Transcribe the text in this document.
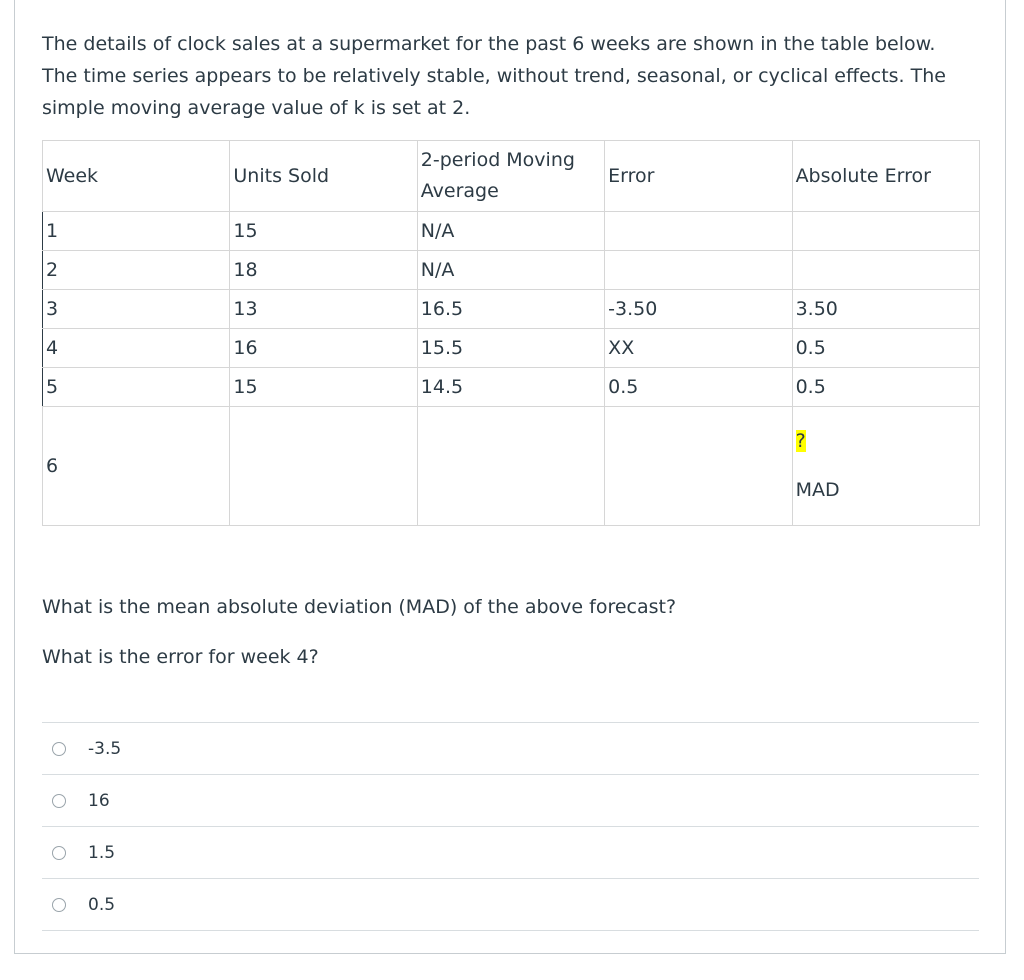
The details of clock sales at a supermarket for the past 6 weeks are shown in the table below. The time series appears to be relatively stable, without trend, seasonal, or cyclical effects. The simple moving average value of k is set at 2.

Week	Units Sold	2-period Moving Average	Error	Absolute Error
1	15	N/A		
2	18	N/A		
3	13	16.5	-3.50	3.50
4	16	15.5	XX	0.5
5	15	14.5	0.5	0.5
6				?
MAD

What is the mean absolute deviation (MAD) of the above forecast?

What is the error for week 4?

-3.5
16
1.5
0.5
